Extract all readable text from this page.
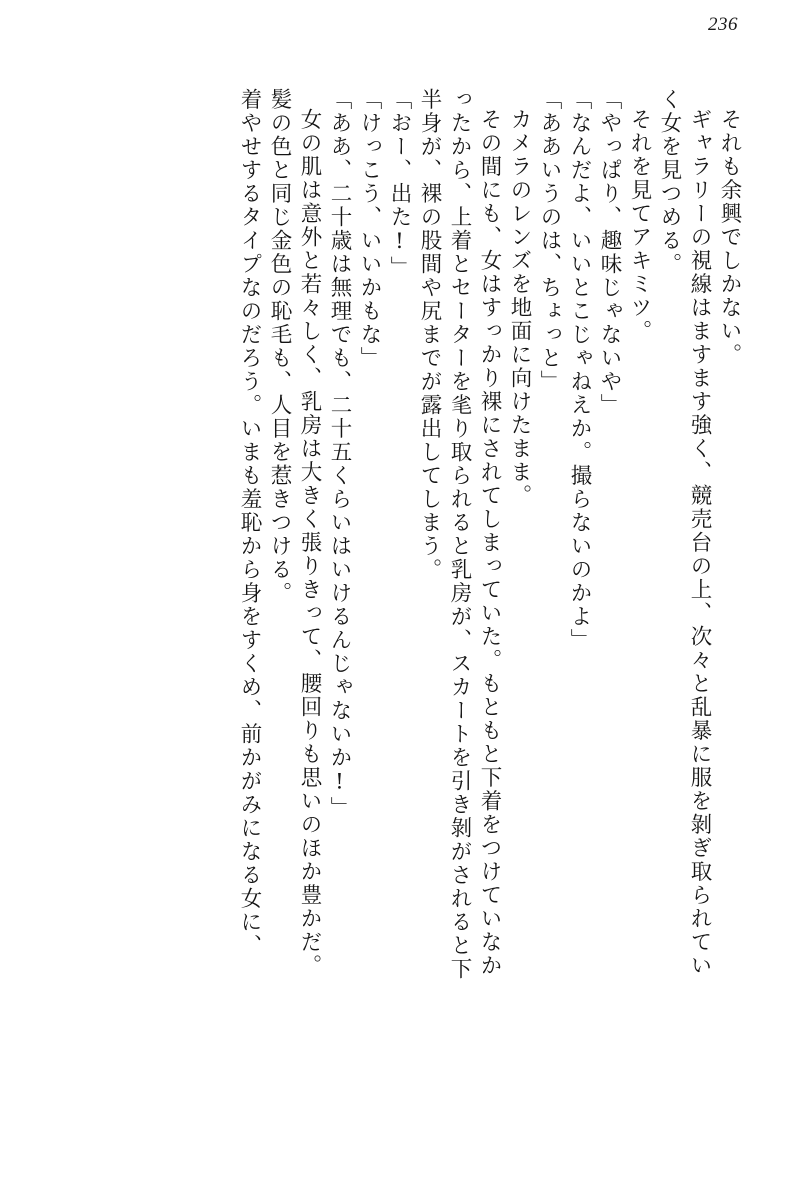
236
それも余興でしかない。
ギャラリーの視線はますます強く、競売台の上、次々と乱暴に服を剝ぎ取られてい
く女を見つめる。
それを見てアキミツ。
「やっぱり、趣味じゃないや」
「なんだよ、いいとこじゃねえか。撮らないのかよ」
「ああいうのは、ちょっと」
カメラのレンズを地面に向けたまま。
その間にも、女はすっかり裸にされてしまっていた。もともと下着をつけていなか
ったから、上着とセーターを毟り取られると乳房が、スカートを引き剝がされると下
半身が、裸の股間や尻までが露出してしまう。
「おー、出た!」
「けっこう、いいかもな」
「ああ、二十歳は無理でも、二十五くらいはいけるんじゃないか!」
女の肌は意外と若々しく、乳房は大きく張りきって、腰回りも思いのほか豊かだ。
髪の色と同じ金色の恥毛も、人目を惹きつける。
着やせするタイプなのだろう。いまも羞恥から身をすくめ、前かがみになる女に、
